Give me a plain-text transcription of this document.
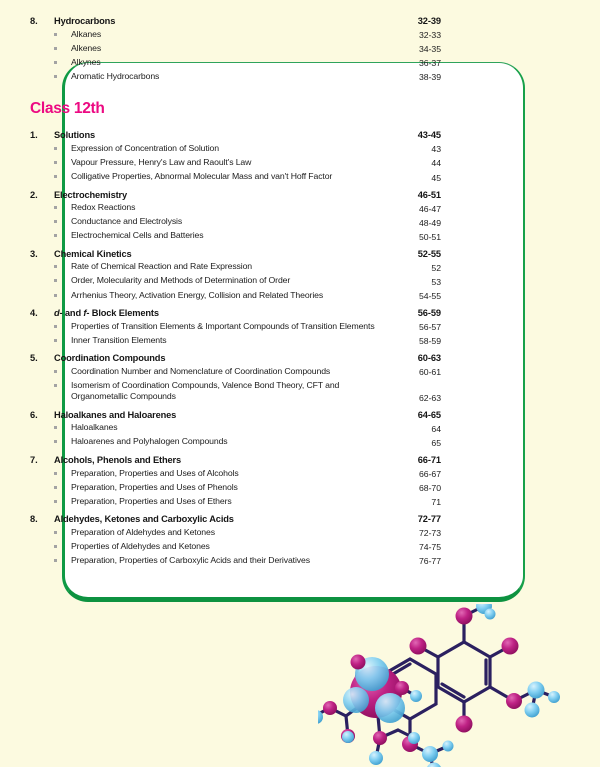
8.	Hydrocarbons	32-39
Alkanes	32-33
Alkenes	34-35
Alkynes	36-37
Aromatic Hydrocarbons	38-39
Class 12th
1.	Solutions	43-45
Expression of Concentration of Solution	43
Vapour Pressure, Henry's Law and Raoult's Law	44
Colligative Properties, Abnormal Molecular Mass and van't Hoff Factor	45
2.	Electrochemistry	46-51
Redox Reactions	46-47
Conductance and Electrolysis	48-49
Electrochemical Cells and Batteries	50-51
3.	Chemical Kinetics	52-55
Rate of Chemical Reaction and Rate Expression	52
Order, Molecularity and Methods of Determination of Order	53
Arrhenius Theory, Activation Energy, Collision and Related Theories	54-55
4.	d- and f- Block Elements	56-59
Properties of Transition Elements & Important Compounds of Transition Elements	56-57
Inner Transition Elements	58-59
5.	Coordination Compounds	60-63
Coordination Number and Nomenclature of Coordination Compounds	60-61
Isomerism of Coordination Compounds, Valence Bond Theory, CFT and Organometallic Compounds	62-63
6.	Haloalkanes and Haloarenes	64-65
Haloalkanes	64
Haloarenes and Polyhalogen Compounds	65
7.	Alcohols, Phenols and Ethers	66-71
Preparation, Properties and Uses of Alcohols	66-67
Preparation, Properties and Uses of Phenols	68-70
Preparation, Properties and Uses of Ethers	71
8.	Aldehydes, Ketones and Carboxylic Acids	72-77
Preparation of Aldehydes and Ketones	72-73
Properties of Aldehydes and Ketones	74-75
Preparation, Properties of Carboxylic Acids and their Derivatives	76-77
